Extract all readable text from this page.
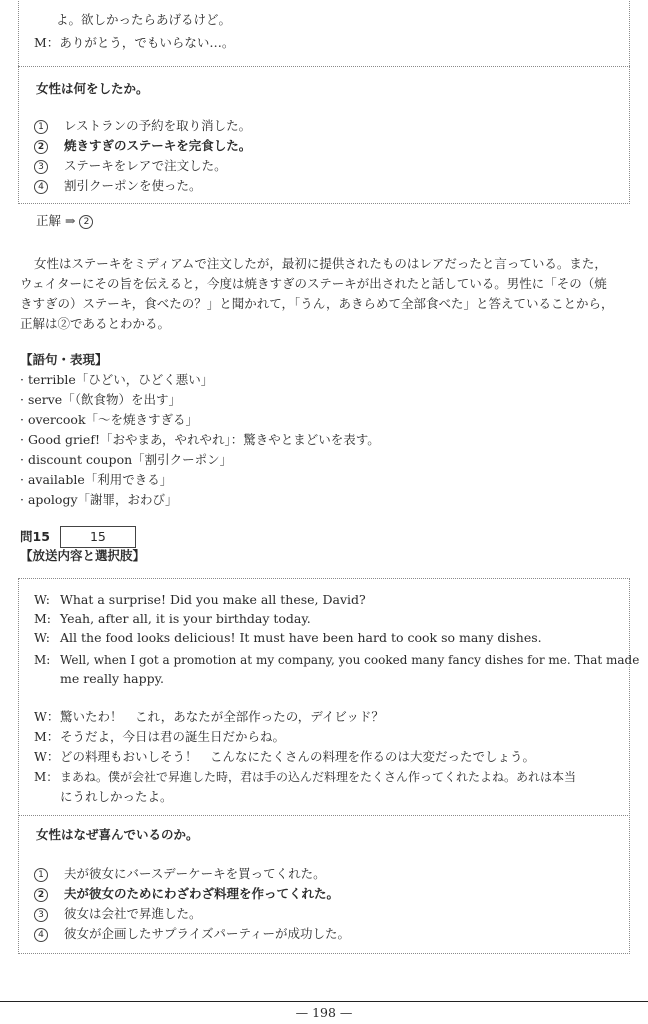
よ。欲しかったらあげるけど。
M：ありがとう，でもいらない…。
女性は何をしたか。
1 レストランの予約を取り消した。
2 焼きすぎのステーキを完食した。
3 ステーキをレアで注文した。
4 割引クーポンを使った。
正解 ⇒ 2
女性はステーキをミディアムで注文したが，最初に提供されたものはレアだったと言っている。また，
ウェイターにその旨を伝えると，今度は焼きすぎのステーキが出されたと話している。男性に「その（焼
きすぎの）ステーキ，食べたの？」と聞かれて，「うん，あきらめて全部食べた」と答えていることから，
正解は②であるとわかる。
【語句・表現】
· terrible「ひどい，ひどく悪い」
· serve「（飲食物）を出す」
· overcook「～を焼きすぎる」
· Good grief!「おやまあ，やれやれ」：驚きやとまどいを表す。
· discount coupon「割引クーポン」
· available「利用できる」
· apology「謝罪，おわび」
問15	15
【放送内容と選択肢】
W: What a surprise! Did you make all these, David?
M: Yeah, after all, it is your birthday today.
W: All the food looks delicious! It must have been hard to cook so many dishes.
M: Well, when I got a promotion at my company, you cooked many fancy dishes for me. That made
me really happy.
W：驚いたわ！　これ，あなたが全部作ったの，デイビッド？
M：そうだよ，今日は君の誕生日だからね。
W：どの料理もおいしそう！　こんなにたくさんの料理を作るのは大変だったでしょう。
M： まあね。僕が会社で昇進した時，君は手の込んだ料理をたくさん作ってくれたよね。あれは本当
にうれしかったよ。
女性はなぜ喜んでいるのか。
1 夫が彼女にバースデーケーキを買ってくれた。
2 夫が彼女のためにわざわざ料理を作ってくれた。
3 彼女は会社で昇進した。
4 彼女が企画したサプライズパーティーが成功した。
— 198 —
